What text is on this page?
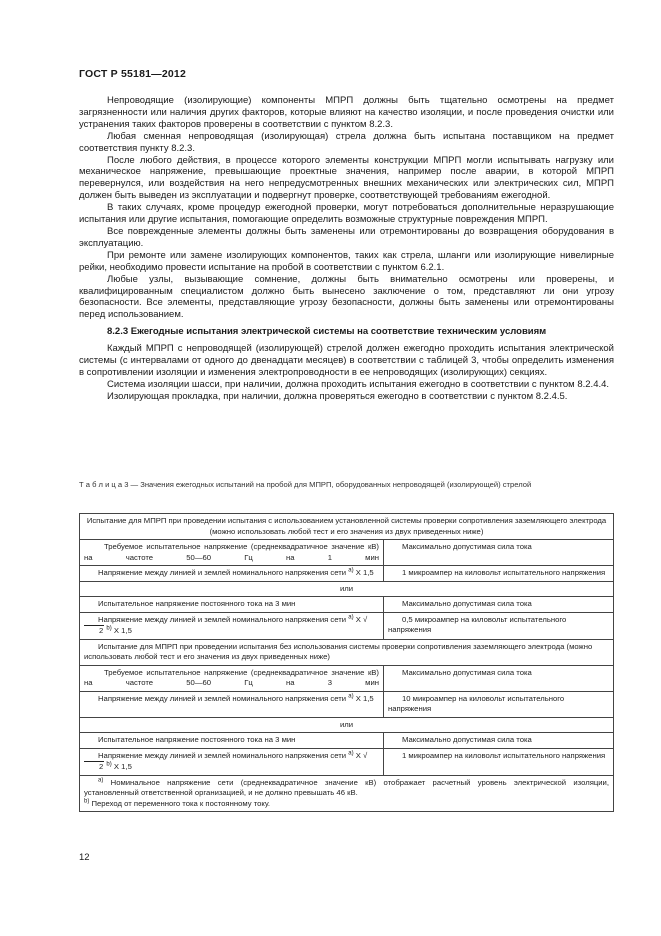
ГОСТ Р 55181—2012

Непроводящие (изолирующие) компоненты МПРП должны быть тщательно осмотрены на предмет загрязненности или наличия других факторов, которые влияют на качество изоляции, и после проведения очистки или устранения таких факторов проверены в соответствии с пунктом 8.2.3.

Любая сменная непроводящая (изолирующая) стрела должна быть испытана поставщиком на предмет соответствия пункту 8.2.3.

После любого действия, в процессе которого элементы конструкции МПРП могли испытывать нагрузку или механическое напряжение, превышающие проектные значения, например после аварии, в которой МПРП перевернулся, или воздействия на него непредусмотренных внешних механических или электрических сил, МПРП должен быть выведен из эксплуатации и подвергнут проверке, соответствующей требованиям ежегодной.

В таких случаях, кроме процедур ежегодной проверки, могут потребоваться дополнительные неразрушающие испытания или другие испытания, помогающие определить возможные структурные повреждения МПРП.

Все поврежденные элементы должны быть заменены или отремонтированы до возвращения оборудования в эксплуатацию.

При ремонте или замене изолирующих компонентов, таких как стрела, шланги или изолирующие нивелирные рейки, необходимо провести испытание на пробой в соответствии с пунктом 6.2.1.

Любые узлы, вызывающие сомнение, должны быть внимательно осмотрены или проверены, и квалифицированным специалистом должно быть вынесено заключение о том, представляют ли они угрозу безопасности. Все элементы, представляющие угрозу безопасности, должны быть заменены или отремонтированы перед использованием.

8.2.3 Ежегодные испытания электрической системы на соответствие техническим условиям

Каждый МПРП с непроводящей (изолирующей) стрелой должен ежегодно проходить испытания электрической системы (с интервалами от одного до двенадцати месяцев) в соответствии с таблицей 3, чтобы определить изменения в сопротивлении изоляции и изменения электропроводности в ее непроводящих (изолирующих) секциях.

Система изоляции шасси, при наличии, должна проходить испытания ежегодно в соответствии с пунктом 8.2.4.4.

Изолирующая прокладка, при наличии, должна проверяться ежегодно в соответствии с пунктом 8.2.4.5.

Т а б л и ц а 3 — Значения ежегодных испытаний на пробой для МПРП, оборудованных непроводящей (изолирующей) стрелой
Испытание для МПРП при проведении испытания с использованием установленной системы проверки сопротивления заземляющего электрода
(можно использовать любой тест и его значения из двух приведенных ниже)	
Требуемое испытательное напряжение (среднеквадратичное значение кВ) на частоте 50—60 Гц на 1 мин	Максимально допустимая сила тока
Напряжение между линией и землей номинального напряжения сети $^{а)}$ Х 1,5	1 микроампер на киловольт испытательного напряжения
или	
Испытательное напряжение постоянного тока на 3 мин	Максимально допустимая сила тока
Напряжение между линией и землей номинального напряжения сети $^{а)}$ Х √2 $^{b)}$ Х 1,5	0,5 микроампер на киловольт испытательного напряжения
Испытание для МПРП при проведении испытания без использования системы проверки сопротивления заземляющего электрода (можно использовать любой тест и его значения из двух приведенных ниже)	
Требуемое испытательное напряжение (среднеквадратичное значение кВ) на частоте 50—60 Гц на 3 мин	Максимально допустимая сила тока
Напряжение между линией и землей номинального напряжения сети $^{а)}$ Х 1,5	10 микроампер на киловольт испытательного напряжения
или	
Испытательное напряжение постоянного тока на 3 мин	Максимально допустимая сила тока
Напряжение между линией и землей номинального напряжения сети $^{а)}$ Х √2 $^{b)}$ Х 1,5	1 микроампер на киловольт испытательного напряжения
$^{а)}$ Номинальное напряжение сети (среднеквадратичное значение кВ) отображает расчетный уровень электрической изоляции, установленный ответственной организацией, и не должно превышать 46 кВ.
$^{b)}$ Переход от переменного тока к постоянному току.	
12
